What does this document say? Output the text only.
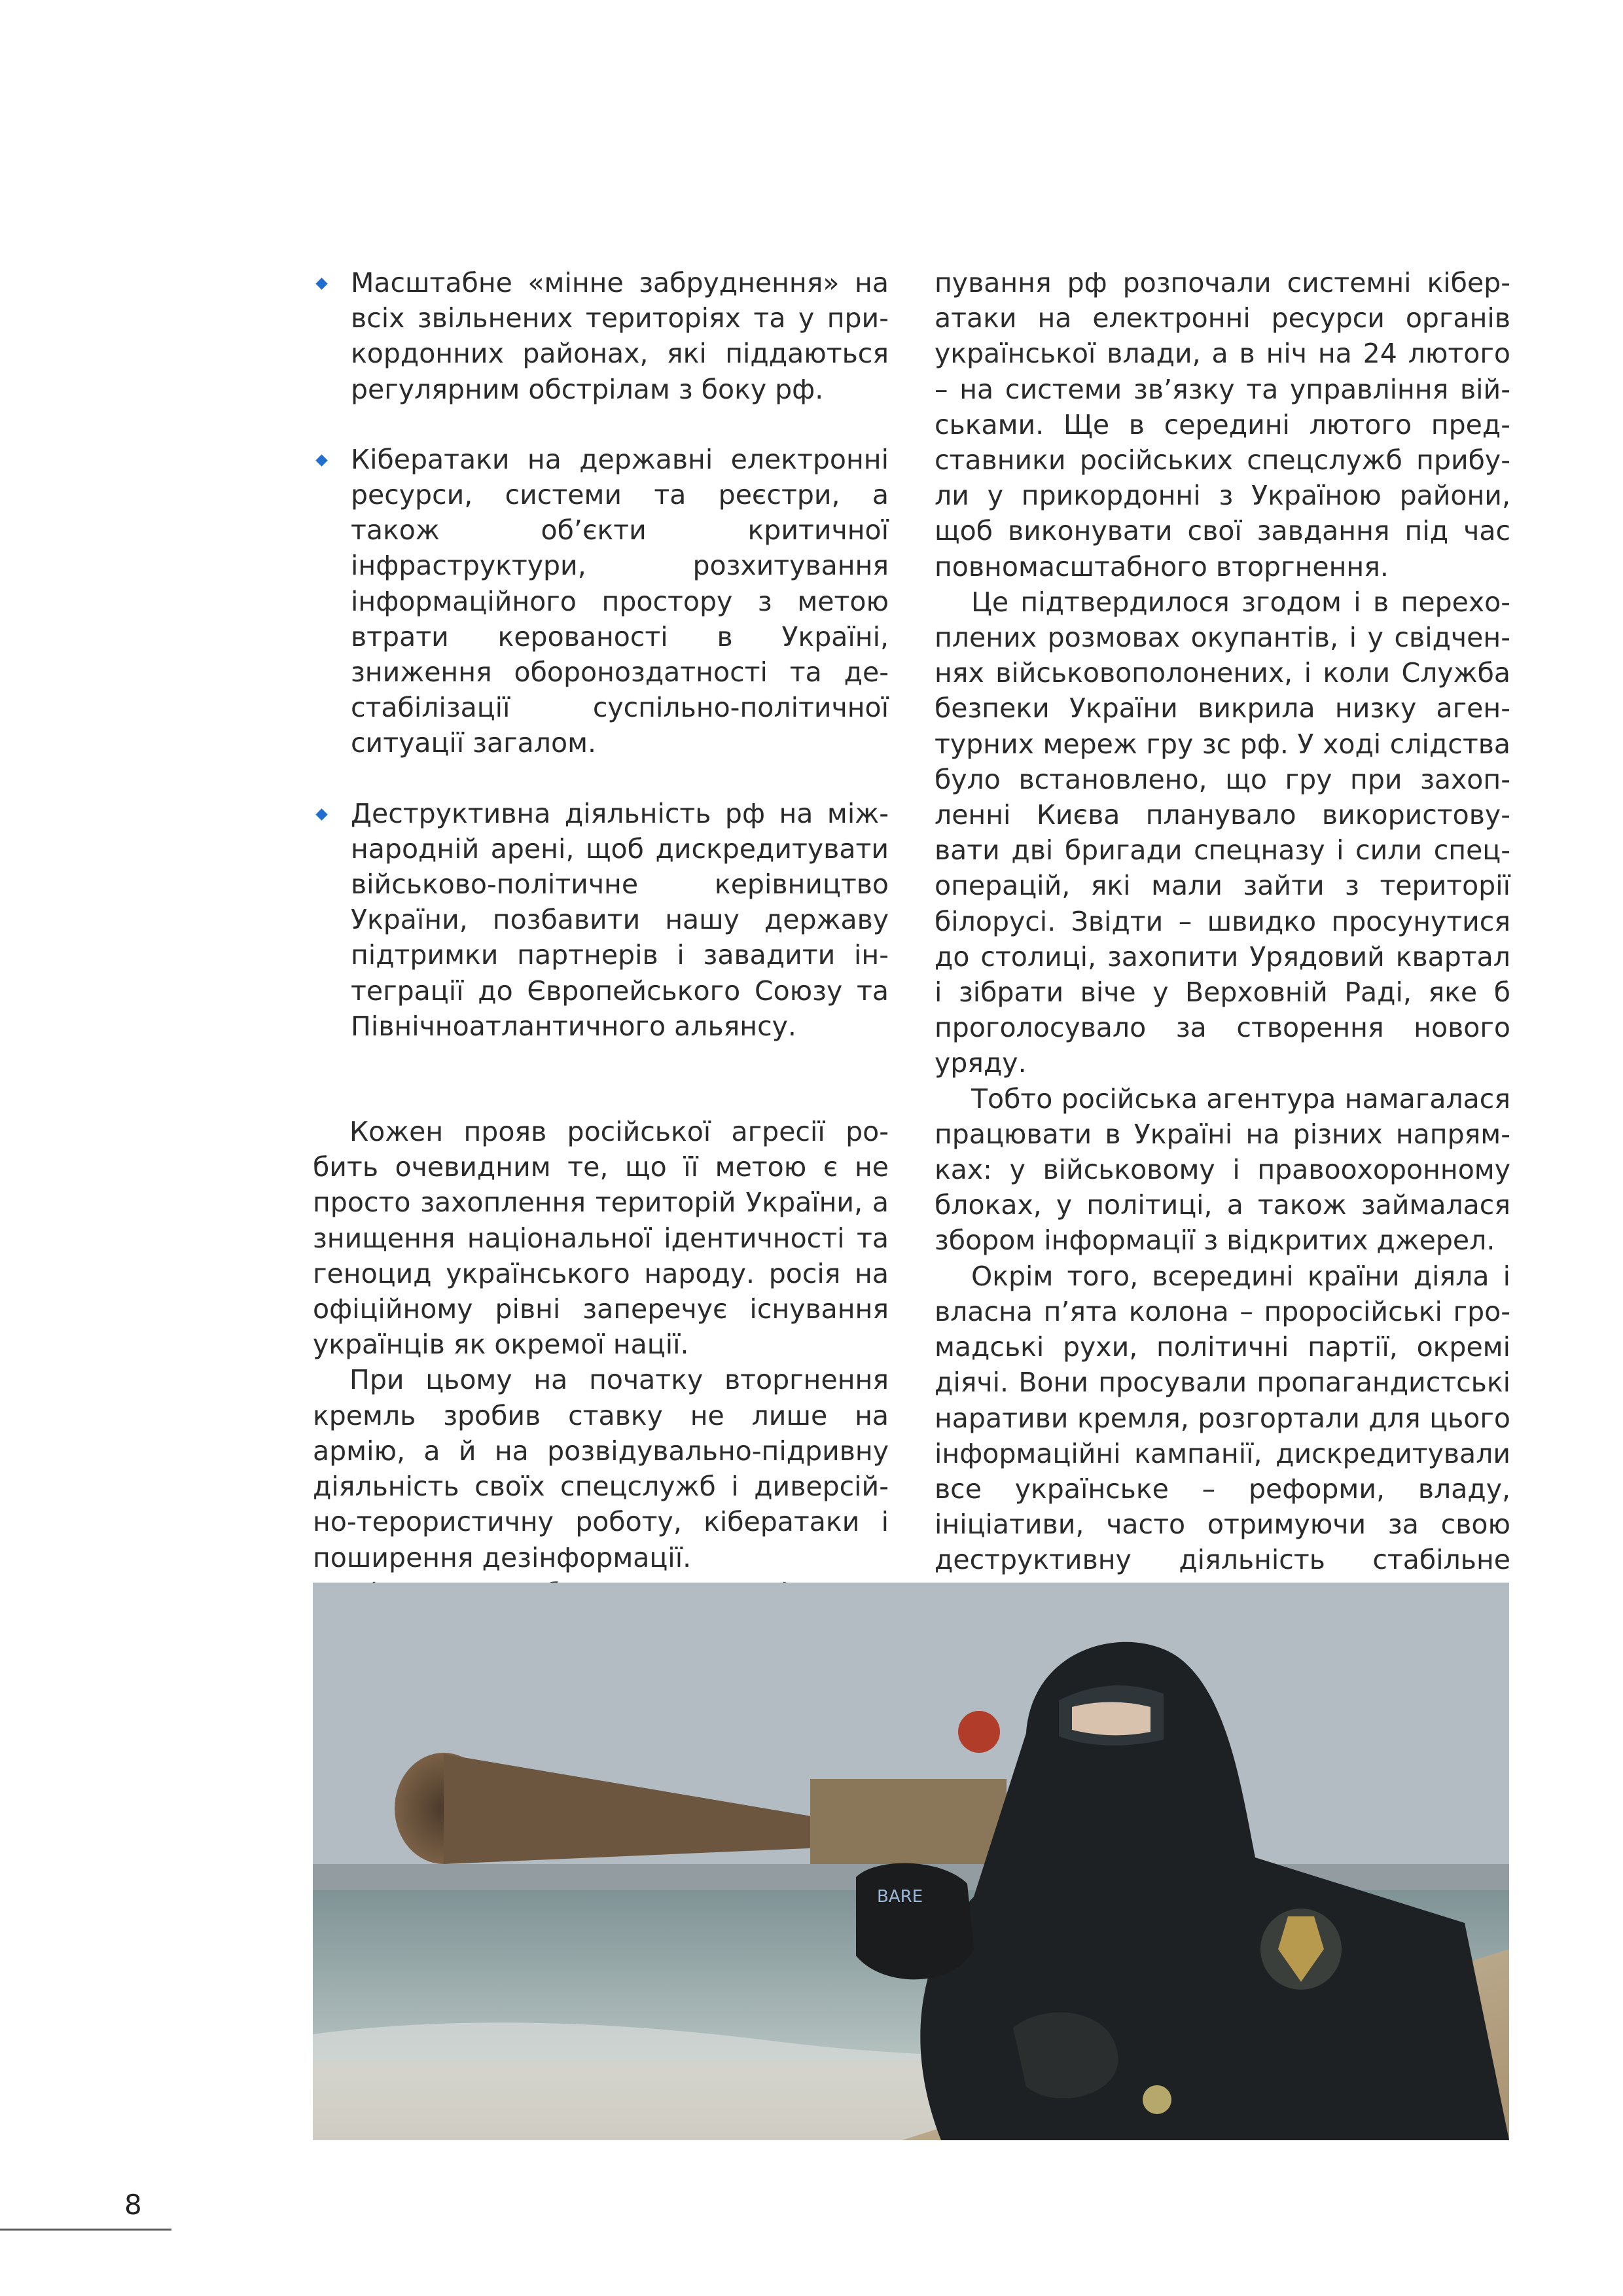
Масштабне «мінне забруднення» на всіх звільнених територіях та у прикордонних районах, які піддаються регулярним обстрілам з боку рф.
Кібератаки на державні електронні ресурси, системи та реєстри, а також об’єкти критичної інфраструктури, розхитування інформаційного простору з метою втрати керованості в Україні, зниження обороноздатності та дестабілізації суспільно-політичної ситуації загалом.
Деструктивна діяльність рф на міжнародній арені, щоб дискредитувати військово-політичне керівництво України, позбавити нашу державу підтримки партнерів і завадити інтеграції до Європейського Союзу та Північноатлантичного альянсу.

Кожен прояв російської агресії робить очевидним те, що її метою є не просто захоплення територій України, а знищення національної ідентичності та геноцид українського народу. росія на офіційному рівні заперечує існування українців як окремої нації.

При цьому на початку вторгнення кремль зробив ставку не лише на армію, а й на розвідувально-підривну діяльність своїх спецслужб і диверсійно-терористичну роботу, кібератаки і поширення дезінформації.

пування рф розпочали системні кібератаки на електронні ресурси органів української влади, а в ніч на 24 лютого – на системи зв’язку та управління військами. Ще в середині лютого представники російських спецслужб прибули у прикордонні з Україною райони, щоб виконувати свої завдання під час повномасштабного вторгнення.

Це підтвердилося згодом і в перехоплених розмовах окупантів, і у свідченнях військовополонених, і коли Служба безпеки України викрила низку агентурних мереж гру зс рф. У ході слідства було встановлено, що гру при захопленні Києва планувало використовувати дві бригади спецназу і сили спецоперацій, які мали зайти з території білорусі. Звідти – швидко просунутися до столиці, захопити Урядовий квартал і зібрати віче у Верховній Раді, яке б проголосувало за створення нового уряду.

Тобто російська агентура намагалася працювати в Україні на різних напрямках: у військовому і правоохоронному блоках, у політиці, а також займалася збором інформації з відкритих джерел.

Окрім того, всередині країни діяла і власна п’ята колона – проросійські громадські рухи, політичні партії, окремі діячі. Вони просували пропагандистські наративи кремля, розгортали для цього інформаційні кампанії, дискредитували все українське – реформи, владу, ініціативи, часто отримуючи за свою деструктивну діяльність стабільне

BARE
8
